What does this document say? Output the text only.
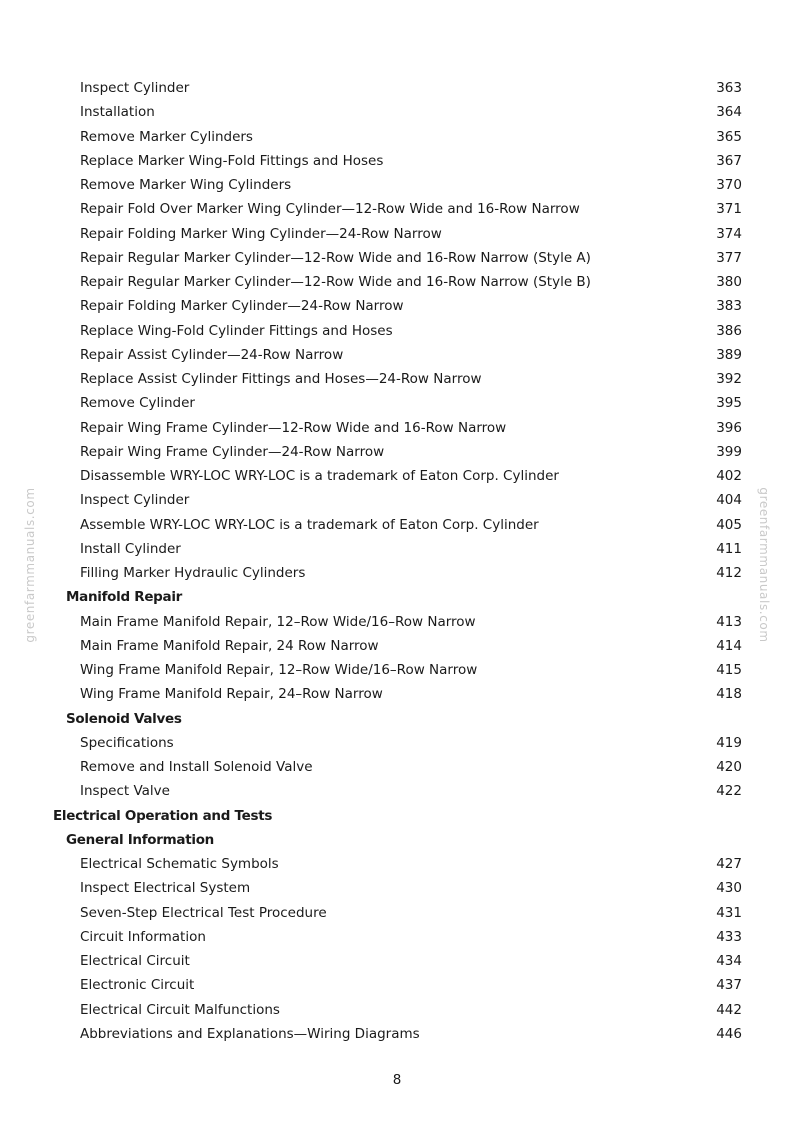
greenfarmmanuals.com	greenfarmmanuals.com
Inspect Cylinder	363
Installation	364
Remove Marker Cylinders	365
Replace Marker Wing-Fold Fittings and Hoses	367
Remove Marker Wing Cylinders	370
Repair Fold Over Marker Wing Cylinder—12-Row Wide and 16-Row Narrow	371
Repair Folding Marker Wing Cylinder—24-Row Narrow	374
Repair Regular Marker Cylinder—12-Row Wide and 16-Row Narrow (Style A)	377
Repair Regular Marker Cylinder—12-Row Wide and 16-Row Narrow (Style B)	380
Repair Folding Marker Cylinder—24-Row Narrow	383
Replace Wing-Fold Cylinder Fittings and Hoses	386
Repair Assist Cylinder—24-Row Narrow	389
Replace Assist Cylinder Fittings and Hoses—24-Row Narrow	392
Remove Cylinder	395
Repair Wing Frame Cylinder—12-Row Wide and 16-Row Narrow	396
Repair Wing Frame Cylinder—24-Row Narrow	399
Disassemble WRY-LOC WRY-LOC is a trademark of Eaton Corp. Cylinder	402
Inspect Cylinder	404
Assemble WRY-LOC WRY-LOC is a trademark of Eaton Corp. Cylinder	405
Install Cylinder	411
Filling Marker Hydraulic Cylinders	412
Manifold Repair
Main Frame Manifold Repair, 12–Row Wide/16–Row Narrow	413
Main Frame Manifold Repair, 24 Row Narrow	414
Wing Frame Manifold Repair, 12–Row Wide/16–Row Narrow	415
Wing Frame Manifold Repair, 24–Row Narrow	418
Solenoid Valves
Specifications	419
Remove and Install Solenoid Valve	420
Inspect Valve	422
Electrical Operation and Tests
General Information
Electrical Schematic Symbols	427
Inspect Electrical System	430
Seven-Step Electrical Test Procedure	431
Circuit Information	433
Electrical Circuit	434
Electronic Circuit	437
Electrical Circuit Malfunctions	442
Abbreviations and Explanations—Wiring Diagrams	446
8
